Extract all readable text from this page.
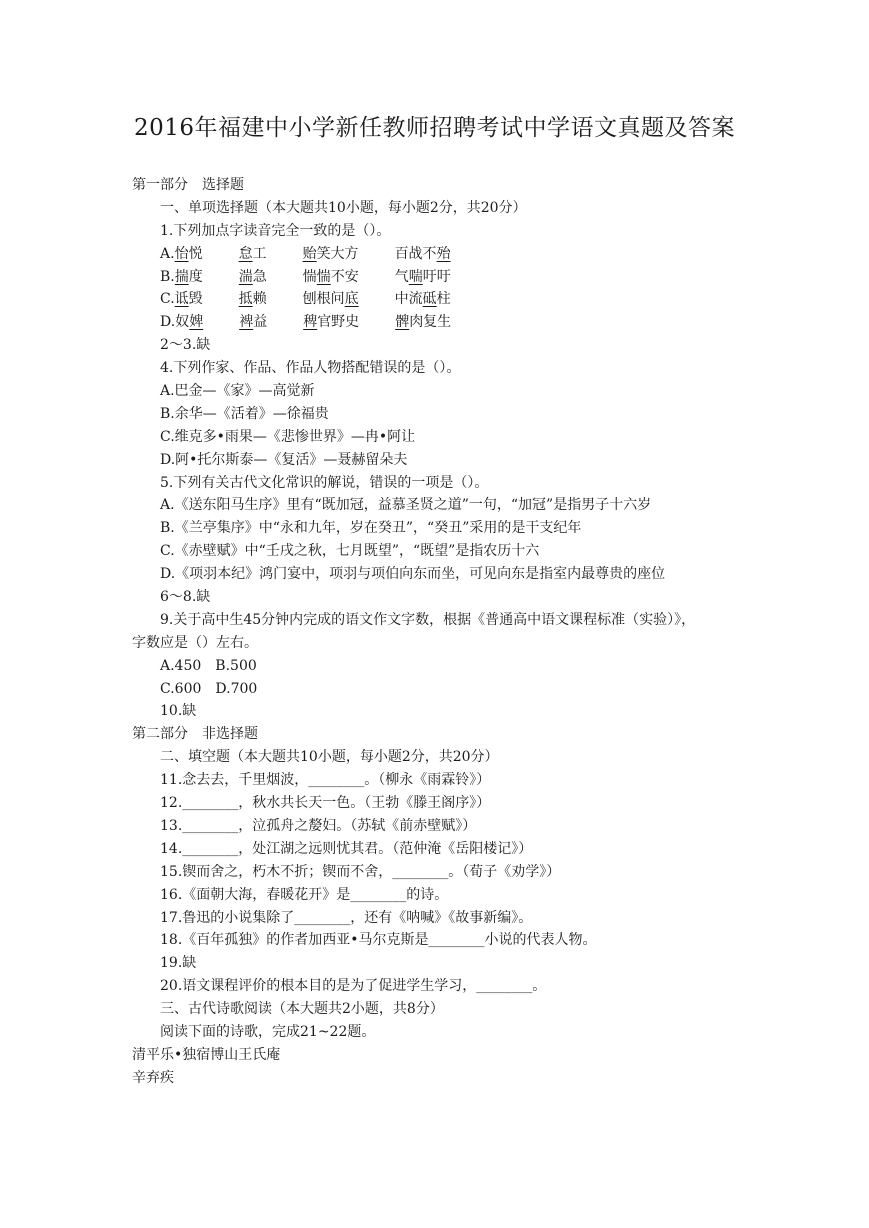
2016年福建中小学新任教师招聘考试中学语文真题及答案
第一部分　选择题
一、单项选择题（本大题共10小题，每小题2分，共20分）
1.下列加点字读音完全一致的是（）。
A.怡悦	怠工	贻笑大方	百战不殆
B.揣度	湍急	惴惴不安	气喘吁吁
C.诋毁	抵赖	刨根问底	中流砥柱
D.奴婢	裨益	稗官野史	髀肉复生
2～3.缺
4.下列作家、作品、作品人物搭配错误的是（）。
A.巴金—《家》—高觉新
B.余华—《活着》—徐福贵
C.维克多•雨果—《悲惨世界》—冉•阿让
D.阿•托尔斯泰—《复活》—聂赫留朵夫
5.下列有关古代文化常识的解说，错误的一项是（）。
A.《送东阳马生序》里有“既加冠，益慕圣贤之道”一句，“加冠”是指男子十六岁
B.《兰亭集序》中“永和九年，岁在癸丑”，“癸丑”采用的是干支纪年
C.《赤壁赋》中“壬戌之秋，七月既望”，“既望”是指农历十六
D.《项羽本纪》鸿门宴中，项羽与项伯向东而坐，可见向东是指室内最尊贵的座位
6～8.缺
9.关于高中生45分钟内完成的语文作文字数，根据《普通高中语文课程标准（实验）》，
字数应是（）左右。
A.450 B.500
C.600 D.700
10.缺
第二部分　非选择题
二、填空题（本大题共10小题，每小题2分，共20分）
11.念去去，千里烟波，________。（柳永《雨霖铃》）
12.________，秋水共长天一色。（王勃《滕王阁序》）
13.________，泣孤舟之嫠妇。（苏轼《前赤壁赋》）
14.________，处江湖之远则忧其君。（范仲淹《岳阳楼记》）
15.锲而舍之，朽木不折；锲而不舍，________。（荀子《劝学》）
16.《面朝大海，春暖花开》是________的诗。
17.鲁迅的小说集除了________，还有《呐喊》《故事新编》。
18.《百年孤独》的作者加西亚•马尔克斯是________小说的代表人物。
19.缺
20.语文课程评价的根本目的是为了促进学生学习，________。
三、古代诗歌阅读（本大题共2小题，共8分）
阅读下面的诗歌，完成21~22题。
清平乐•独宿博山王氏庵
辛弃疾
